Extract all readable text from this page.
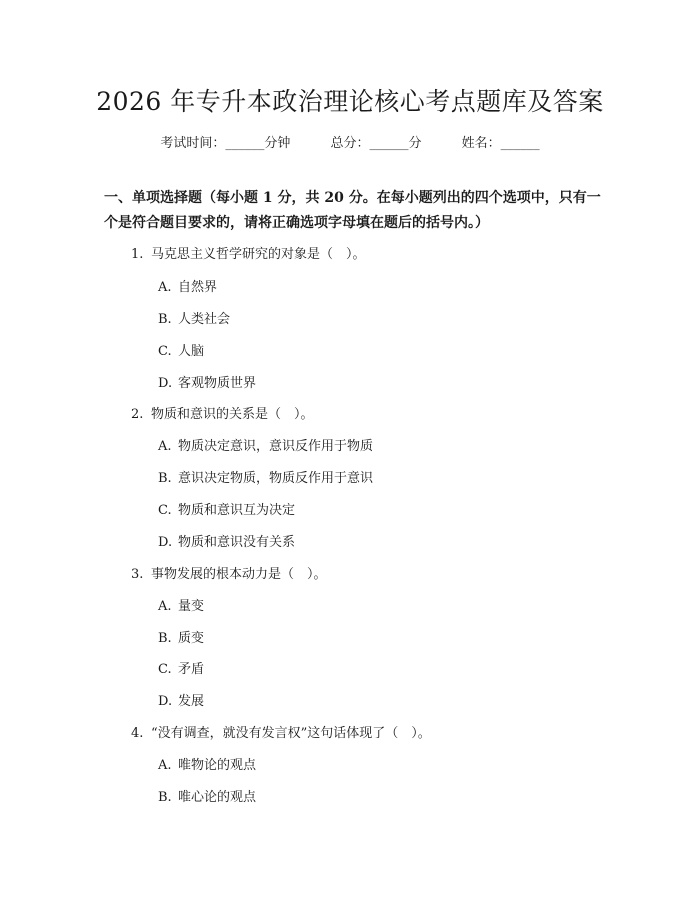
2026 年专升本政治理论核心考点题库及答案
考试时间：______分钟	总分：______分	姓名：______
一、单项选择题（每小题 1 分，共 20 分。在每小题列出的四个选项中，只有一个是符合题目要求的，请将正确选项字母填在题后的括号内。）
1. 马克思主义哲学研究的对象是（　）。
A. 自然界
B. 人类社会
C. 人脑
D. 客观物质世界
2. 物质和意识的关系是（　）。
A. 物质决定意识，意识反作用于物质
B. 意识决定物质，物质反作用于意识
C. 物质和意识互为决定
D. 物质和意识没有关系
3. 事物发展的根本动力是（　）。
A. 量变
B. 质变
C. 矛盾
D. 发展
4. “没有调查，就没有发言权”这句话体现了（　）。
A. 唯物论的观点
B. 唯心论的观点
